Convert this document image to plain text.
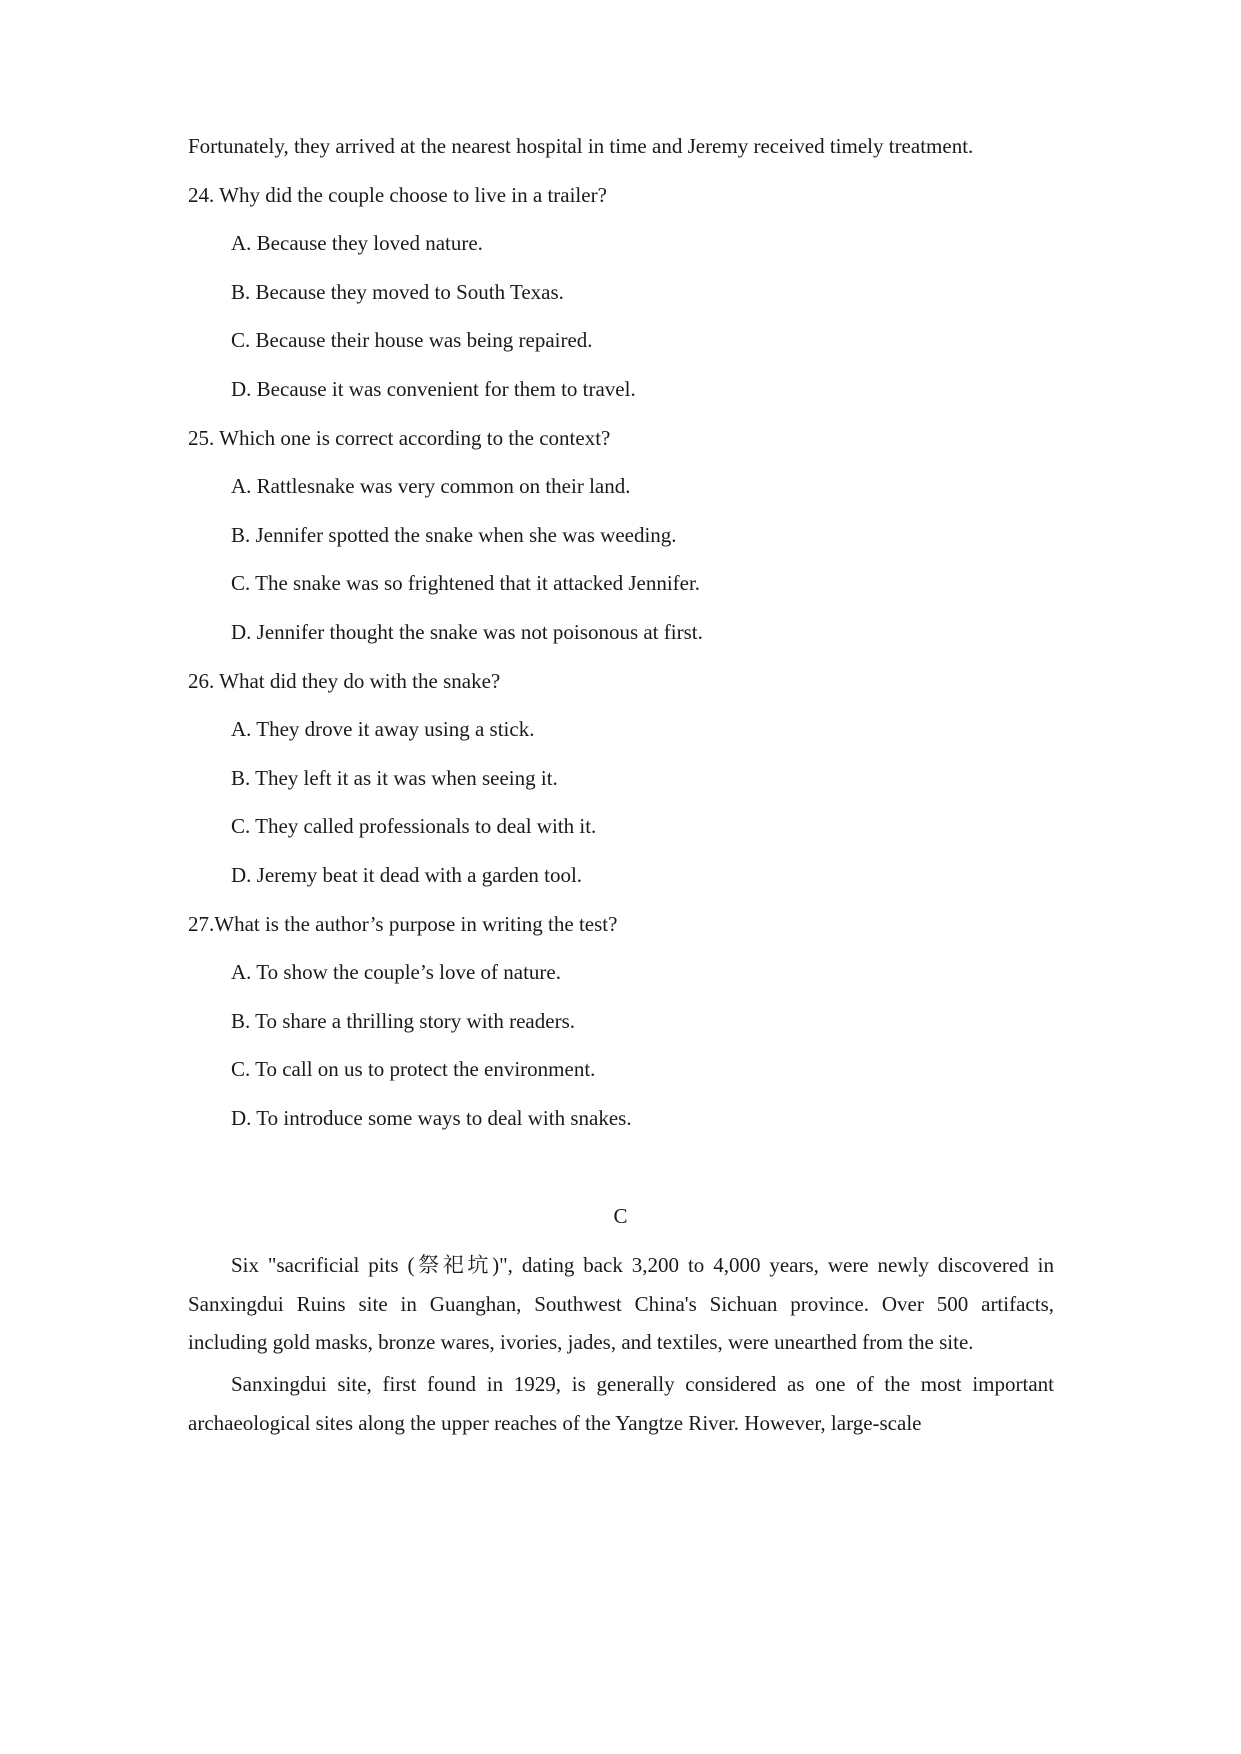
Fortunately, they arrived at the nearest hospital in time and Jeremy received timely treatment.
24. Why did the couple choose to live in a trailer?
A. Because they loved nature.
B. Because they moved to South Texas.
C. Because their house was being repaired.
D. Because it was convenient for them to travel.
25. Which one is correct according to the context?
A. Rattlesnake was very common on their land.
B. Jennifer spotted the snake when she was weeding.
C. The snake was so frightened that it attacked Jennifer.
D. Jennifer thought the snake was not poisonous at first.
26. What did they do with the snake?
A. They drove it away using a stick.
B. They left it as it was when seeing it.
C. They called professionals to deal with it.
D. Jeremy beat it dead with a garden tool.
27.What is the author’s purpose in writing the test?
A. To show the couple’s love of nature.
B. To share a thrilling story with readers.
C. To call on us to protect the environment.
D. To introduce some ways to deal with snakes.
C
Six "sacrificial pits (祭祀坑)", dating back 3,200 to 4,000 years, were newly discovered in Sanxingdui Ruins site in Guanghan, Southwest China's Sichuan province. Over 500 artifacts, including gold masks, bronze wares, ivories, jades, and textiles, were unearthed from the site.
Sanxingdui site, first found in 1929, is generally considered as one of the most important archaeological sites along the upper reaches of the Yangtze River. However, large-scale
